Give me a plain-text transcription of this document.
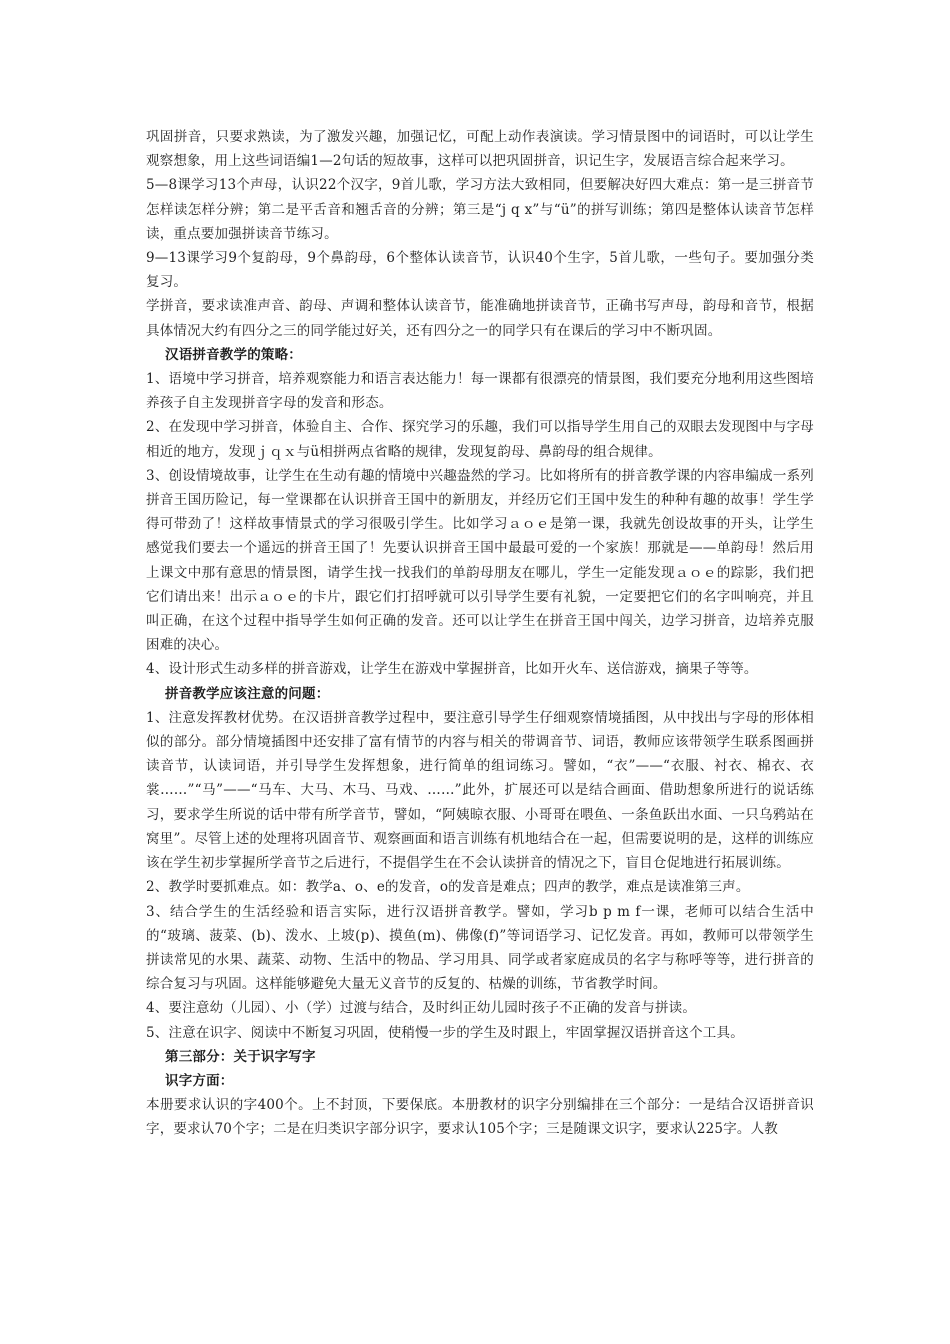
巩固拼音，只要求熟读，为了激发兴趣，加强记忆，可配上动作表演读。学习情景图中的词语时，可以让学生观察想象，用上这些词语编1—2句话的短故事，这样可以把巩固拼音，识记生字，发展语言综合起来学习。

5—8课学习13个声母，认识22个汉字，9首儿歌，学习方法大致相同，但要解决好四大难点：第一是三拼音节怎样读怎样分辨；第二是平舌音和翘舌音的分辨；第三是“j q x”与“ü”的拼写训练；第四是整体认读音节怎样读，重点要加强拼读音节练习。

9—13课学习9个复韵母，9个鼻韵母，6个整体认读音节，认识40个生字，5首儿歌，一些句子。要加强分类复习。

学拼音，要求读准声音、韵母、声调和整体认读音节，能准确地拼读音节，正确书写声母，韵母和音节，根据具体情况大约有四分之三的同学能过好关，还有四分之一的同学只有在课后的学习中不断巩固。

汉语拼音教学的策略：

1、语境中学习拼音，培养观察能力和语言表达能力！每一课都有很漂亮的情景图，我们要充分地利用这些图培养孩子自主发现拼音字母的发音和形态。

2、在发现中学习拼音，体验自主、合作、探究学习的乐趣，我们可以指导学生用自己的双眼去发现图中与字母相近的地方，发现ｊｑｘ与ü相拼两点省略的规律，发现复韵母、鼻韵母的组合规律。

3、创设情境故事，让学生在生动有趣的情境中兴趣盎然的学习。比如将所有的拼音教学课的内容串编成一系列拼音王国历险记，每一堂课都在认识拼音王国中的新朋友，并经历它们王国中发生的种种有趣的故事！学生学得可带劲了！这样故事情景式的学习很吸引学生。比如学习ａｏｅ是第一课，我就先创设故事的开头，让学生感觉我们要去一个遥远的拼音王国了！先要认识拼音王国中最最可爱的一个家族！那就是——单韵母！然后用上课文中那有意思的情景图，请学生找一找我们的单韵母朋友在哪儿，学生一定能发现ａｏｅ的踪影，我们把它们请出来！出示ａｏｅ的卡片，跟它们打招呼就可以引导学生要有礼貌，一定要把它们的名字叫响亮，并且叫正确，在这个过程中指导学生如何正确的发音。还可以让学生在拼音王国中闯关，边学习拼音，边培养克服困难的决心。

4、设计形式生动多样的拼音游戏，让学生在游戏中掌握拼音，比如开火车、送信游戏，摘果子等等。

拼音教学应该注意的问题：

1、注意发挥教材优势。在汉语拼音教学过程中，要注意引导学生仔细观察情境插图，从中找出与字母的形体相似的部分。部分情境插图中还安排了富有情节的内容与相关的带调音节、词语，教师应该带领学生联系图画拼读音节，认读词语，并引导学生发挥想象，进行简单的组词练习。譬如，“衣”——“衣服、衬衣、棉衣、衣裳……”“马”——“马车、大马、木马、马戏、……”此外，扩展还可以是结合画面、借助想象所进行的说话练习，要求学生所说的话中带有所学音节，譬如，“阿姨晾衣服、小哥哥在喂鱼、一条鱼跃出水面、一只乌鸦站在窝里”。尽管上述的处理将巩固音节、观察画面和语言训练有机地结合在一起，但需要说明的是，这样的训练应该在学生初步掌握所学音节之后进行，不提倡学生在不会认读拼音的情况之下，盲目仓促地进行拓展训练。

2、教学时要抓难点。如：教学a、o、e的发音，o的发音是难点；四声的教学，难点是读准第三声。

3、结合学生的生活经验和语言实际，进行汉语拼音教学。譬如，学习b p m f一课，老师可以结合生活中的“玻璃、菠菜、(b)、泼水、上坡(p)、摸鱼(m)、佛像(f)”等词语学习、记忆发音。再如，教师可以带领学生拼读常见的水果、蔬菜、动物、生活中的物品、学习用具、同学或者家庭成员的名字与称呼等等，进行拼音的综合复习与巩固。这样能够避免大量无义音节的反复的、枯燥的训练，节省教学时间。

4、要注意幼（儿园）、小（学）过渡与结合，及时纠正幼儿园时孩子不正确的发音与拼读。

5、注意在识字、阅读中不断复习巩固，使稍慢一步的学生及时跟上，牢固掌握汉语拼音这个工具。

第三部分：关于识字写字

识字方面：

本册要求认识的字400个。上不封顶，下要保底。本册教材的识字分别编排在三个部分：一是结合汉语拼音识字，要求认70个字；二是在归类识字部分识字，要求认105个字；三是随课文识字，要求认225字。人教
